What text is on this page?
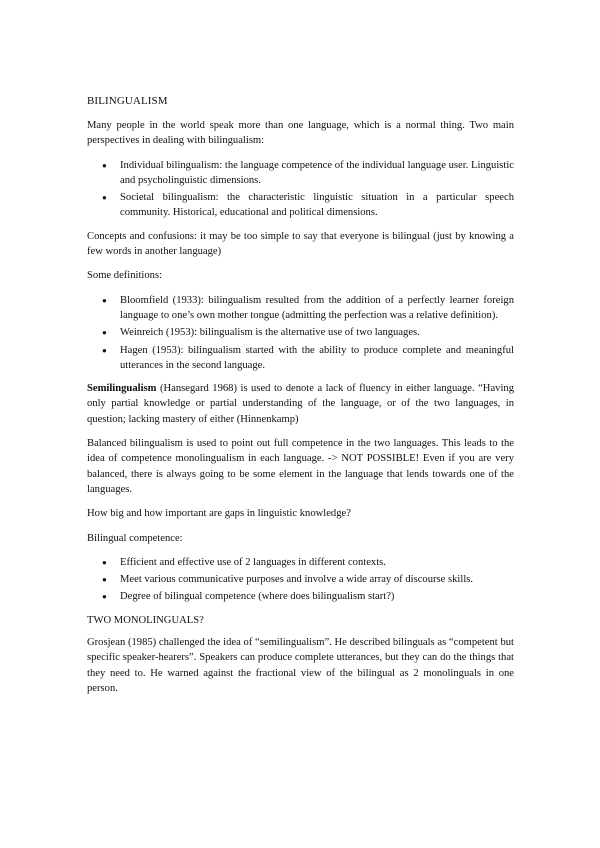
BILINGUALISM

Many people in the world speak more than one language, which is a normal thing. Two main perspectives in dealing with bilingualism:

● Individual bilingualism: the language competence of the individual language user. Linguistic and psycholinguistic dimensions.
● Societal bilingualism: the characteristic linguistic situation in a particular speech community. Historical, educational and political dimensions.

Concepts and confusions: it may be too simple to say that everyone is bilingual (just by knowing a few words in another language)

Some definitions:

● Bloomfield (1933): bilingualism resulted from the addition of a perfectly learner foreign language to one’s own mother tongue (admitting the perfection was a relative definition).
● Weinreich (1953): bilingualism is the alternative use of two languages.
● Hagen (1953): bilingualism started with the ability to produce complete and meaningful utterances in the second language.

Semilingualism (Hansegard 1968) is used to denote a lack of fluency in either language. “Having only partial knowledge or partial understanding of the language, or of the two languages, in question; lacking mastery of either (Hinnenkamp)

Balanced bilingualism is used to point out full competence in the two languages. This leads to the idea of competence monolingualism in each language. -> NOT POSSIBLE! Even if you are very balanced, there is always going to be some element in the language that lends towards one of the languages.

How big and how important are gaps in linguistic knowledge?

Bilingual competence:

● Efficient and effective use of 2 languages in different contexts.
● Meet various communicative purposes and involve a wide array of discourse skills.
● Degree of bilingual competence (where does bilingualism start?)

TWO MONOLINGUALS?

Grosjean (1985) challenged the idea of “semilingualism”. He described bilinguals as “competent but specific speaker-hearers”. Speakers can produce complete utterances, but they can do the things that they need to. He warned against the fractional view of the bilingual as 2 monolinguals in one person.
